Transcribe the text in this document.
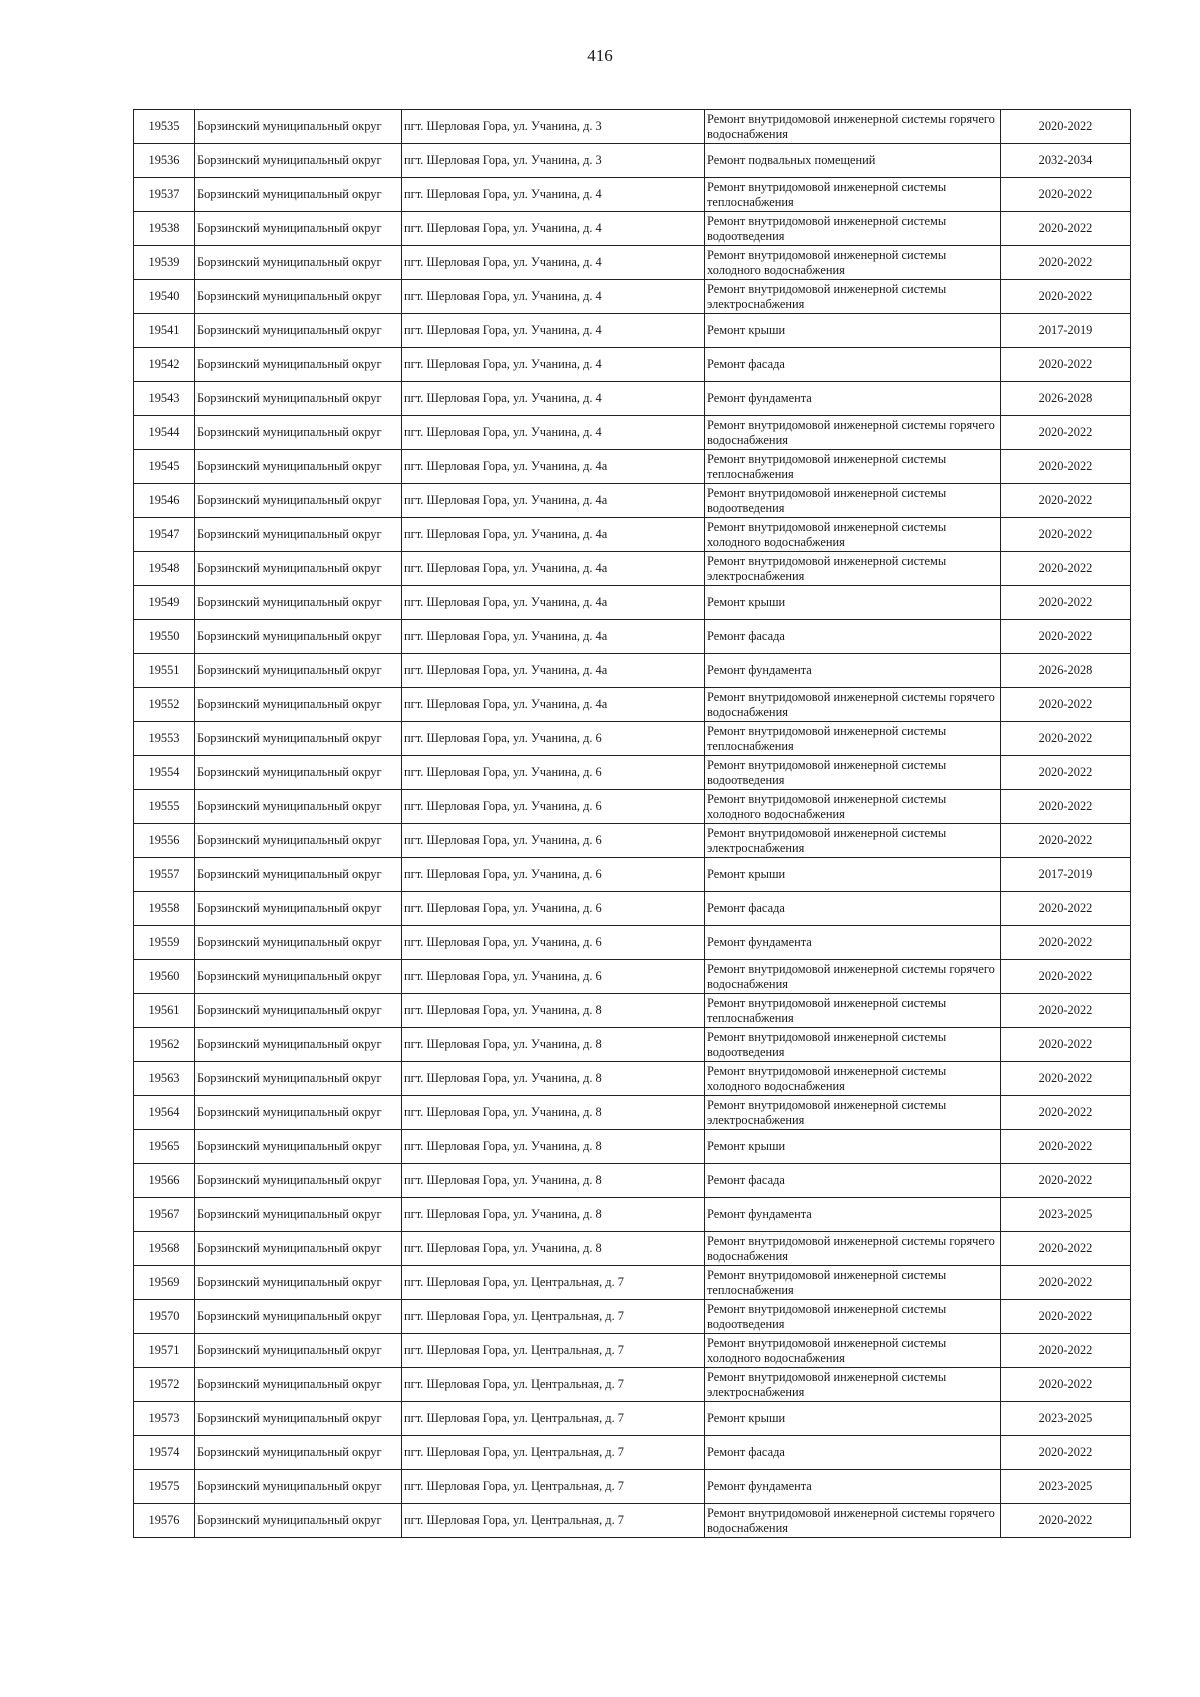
416
19535	Борзинский муниципальный округ	пгт. Шерловая Гора, ул. Учанина, д. 3	Ремонт внутридомовой инженерной системы горячего водоснабжения	2020-2022
19536	Борзинский муниципальный округ	пгт. Шерловая Гора, ул. Учанина, д. 3	Ремонт подвальных помещений	2032-2034
19537	Борзинский муниципальный округ	пгт. Шерловая Гора, ул. Учанина, д. 4	Ремонт внутридомовой инженерной системы теплоснабжения	2020-2022
19538	Борзинский муниципальный округ	пгт. Шерловая Гора, ул. Учанина, д. 4	Ремонт внутридомовой инженерной системы водоотведения	2020-2022
19539	Борзинский муниципальный округ	пгт. Шерловая Гора, ул. Учанина, д. 4	Ремонт внутридомовой инженерной системы холодного водоснабжения	2020-2022
19540	Борзинский муниципальный округ	пгт. Шерловая Гора, ул. Учанина, д. 4	Ремонт внутридомовой инженерной системы электроснабжения	2020-2022
19541	Борзинский муниципальный округ	пгт. Шерловая Гора, ул. Учанина, д. 4	Ремонт крыши	2017-2019
19542	Борзинский муниципальный округ	пгт. Шерловая Гора, ул. Учанина, д. 4	Ремонт фасада	2020-2022
19543	Борзинский муниципальный округ	пгт. Шерловая Гора, ул. Учанина, д. 4	Ремонт фундамента	2026-2028
19544	Борзинский муниципальный округ	пгт. Шерловая Гора, ул. Учанина, д. 4	Ремонт внутридомовой инженерной системы горячего водоснабжения	2020-2022
19545	Борзинский муниципальный округ	пгт. Шерловая Гора, ул. Учанина, д. 4а	Ремонт внутридомовой инженерной системы теплоснабжения	2020-2022
19546	Борзинский муниципальный округ	пгт. Шерловая Гора, ул. Учанина, д. 4а	Ремонт внутридомовой инженерной системы водоотведения	2020-2022
19547	Борзинский муниципальный округ	пгт. Шерловая Гора, ул. Учанина, д. 4а	Ремонт внутридомовой инженерной системы холодного водоснабжения	2020-2022
19548	Борзинский муниципальный округ	пгт. Шерловая Гора, ул. Учанина, д. 4а	Ремонт внутридомовой инженерной системы электроснабжения	2020-2022
19549	Борзинский муниципальный округ	пгт. Шерловая Гора, ул. Учанина, д. 4а	Ремонт крыши	2020-2022
19550	Борзинский муниципальный округ	пгт. Шерловая Гора, ул. Учанина, д. 4а	Ремонт фасада	2020-2022
19551	Борзинский муниципальный округ	пгт. Шерловая Гора, ул. Учанина, д. 4а	Ремонт фундамента	2026-2028
19552	Борзинский муниципальный округ	пгт. Шерловая Гора, ул. Учанина, д. 4а	Ремонт внутридомовой инженерной системы горячего водоснабжения	2020-2022
19553	Борзинский муниципальный округ	пгт. Шерловая Гора, ул. Учанина, д. 6	Ремонт внутридомовой инженерной системы теплоснабжения	2020-2022
19554	Борзинский муниципальный округ	пгт. Шерловая Гора, ул. Учанина, д. 6	Ремонт внутридомовой инженерной системы водоотведения	2020-2022
19555	Борзинский муниципальный округ	пгт. Шерловая Гора, ул. Учанина, д. 6	Ремонт внутридомовой инженерной системы холодного водоснабжения	2020-2022
19556	Борзинский муниципальный округ	пгт. Шерловая Гора, ул. Учанина, д. 6	Ремонт внутридомовой инженерной системы электроснабжения	2020-2022
19557	Борзинский муниципальный округ	пгт. Шерловая Гора, ул. Учанина, д. 6	Ремонт крыши	2017-2019
19558	Борзинский муниципальный округ	пгт. Шерловая Гора, ул. Учанина, д. 6	Ремонт фасада	2020-2022
19559	Борзинский муниципальный округ	пгт. Шерловая Гора, ул. Учанина, д. 6	Ремонт фундамента	2020-2022
19560	Борзинский муниципальный округ	пгт. Шерловая Гора, ул. Учанина, д. 6	Ремонт внутридомовой инженерной системы горячего водоснабжения	2020-2022
19561	Борзинский муниципальный округ	пгт. Шерловая Гора, ул. Учанина, д. 8	Ремонт внутридомовой инженерной системы теплоснабжения	2020-2022
19562	Борзинский муниципальный округ	пгт. Шерловая Гора, ул. Учанина, д. 8	Ремонт внутридомовой инженерной системы водоотведения	2020-2022
19563	Борзинский муниципальный округ	пгт. Шерловая Гора, ул. Учанина, д. 8	Ремонт внутридомовой инженерной системы холодного водоснабжения	2020-2022
19564	Борзинский муниципальный округ	пгт. Шерловая Гора, ул. Учанина, д. 8	Ремонт внутридомовой инженерной системы электроснабжения	2020-2022
19565	Борзинский муниципальный округ	пгт. Шерловая Гора, ул. Учанина, д. 8	Ремонт крыши	2020-2022
19566	Борзинский муниципальный округ	пгт. Шерловая Гора, ул. Учанина, д. 8	Ремонт фасада	2020-2022
19567	Борзинский муниципальный округ	пгт. Шерловая Гора, ул. Учанина, д. 8	Ремонт фундамента	2023-2025
19568	Борзинский муниципальный округ	пгт. Шерловая Гора, ул. Учанина, д. 8	Ремонт внутридомовой инженерной системы горячего водоснабжения	2020-2022
19569	Борзинский муниципальный округ	пгт. Шерловая Гора, ул. Центральная, д. 7	Ремонт внутридомовой инженерной системы теплоснабжения	2020-2022
19570	Борзинский муниципальный округ	пгт. Шерловая Гора, ул. Центральная, д. 7	Ремонт внутридомовой инженерной системы водоотведения	2020-2022
19571	Борзинский муниципальный округ	пгт. Шерловая Гора, ул. Центральная, д. 7	Ремонт внутридомовой инженерной системы холодного водоснабжения	2020-2022
19572	Борзинский муниципальный округ	пгт. Шерловая Гора, ул. Центральная, д. 7	Ремонт внутридомовой инженерной системы электроснабжения	2020-2022
19573	Борзинский муниципальный округ	пгт. Шерловая Гора, ул. Центральная, д. 7	Ремонт крыши	2023-2025
19574	Борзинский муниципальный округ	пгт. Шерловая Гора, ул. Центральная, д. 7	Ремонт фасада	2020-2022
19575	Борзинский муниципальный округ	пгт. Шерловая Гора, ул. Центральная, д. 7	Ремонт фундамента	2023-2025
19576	Борзинский муниципальный округ	пгт. Шерловая Гора, ул. Центральная, д. 7	Ремонт внутридомовой инженерной системы горячего водоснабжения	2020-2022
